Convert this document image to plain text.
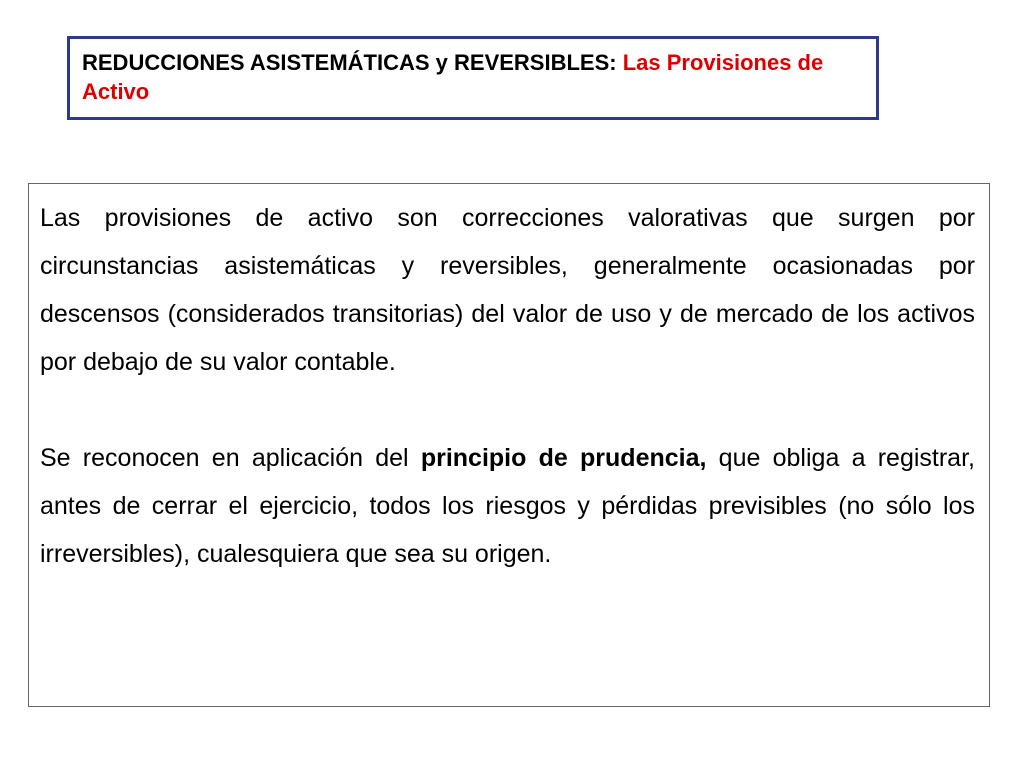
REDUCCIONES ASISTEMÁTICAS y REVERSIBLES: Las Provisiones de Activo

Las provisiones de activo son correcciones valorativas que surgen por circunstancias asistemáticas y reversibles, generalmente ocasionadas por descensos (considerados transitorias) del valor de uso y de mercado de los activos por debajo de su valor contable.

Se reconocen en aplicación del principio de prudencia, que obliga a registrar, antes de cerrar el ejercicio, todos los riesgos y pérdidas previsibles (no sólo los irreversibles), cualesquiera que sea su origen.
